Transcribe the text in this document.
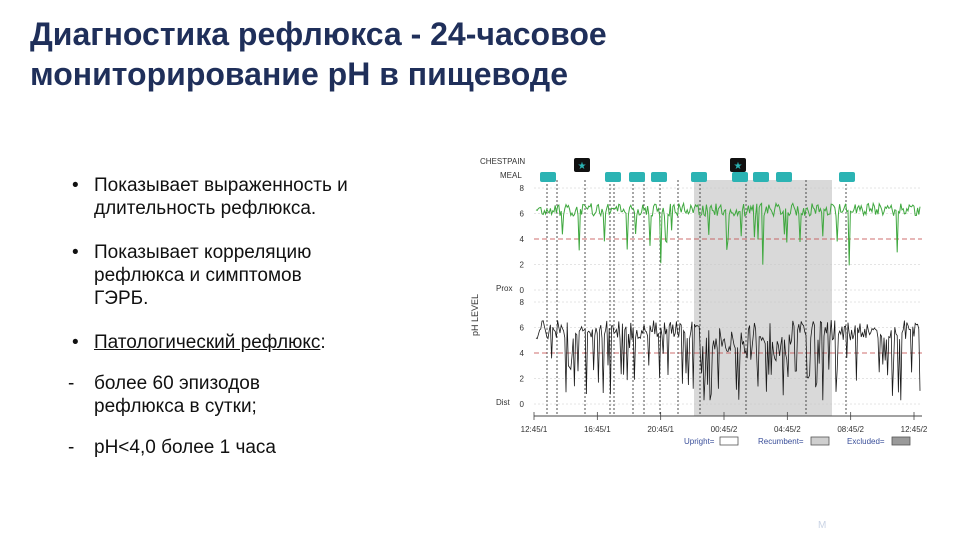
Диагностика рефлюкса - 24-часовое
мониторирование рН в пищеводе
• Показывает выраженность и
длительность рефлюкса.
• Показывает корреляцию
рефлюкса и симптомов
ГЭРБ.
• Патологический рефлюкс:
- более 60 эпизодов
рефлюкса в сутки;
- рН<4,0 более 1 часа
CHESTPAIN
MEAL
★	★
8
8
6
6
4
4
2
2
0
0
pH LEVEL
Prox
Dist
12:45/1	16:45/1	20:45/1	00:45/2	04:45/2	08:45/2	12:45/2
Upright=	Recumbent=	Excluded=
M
